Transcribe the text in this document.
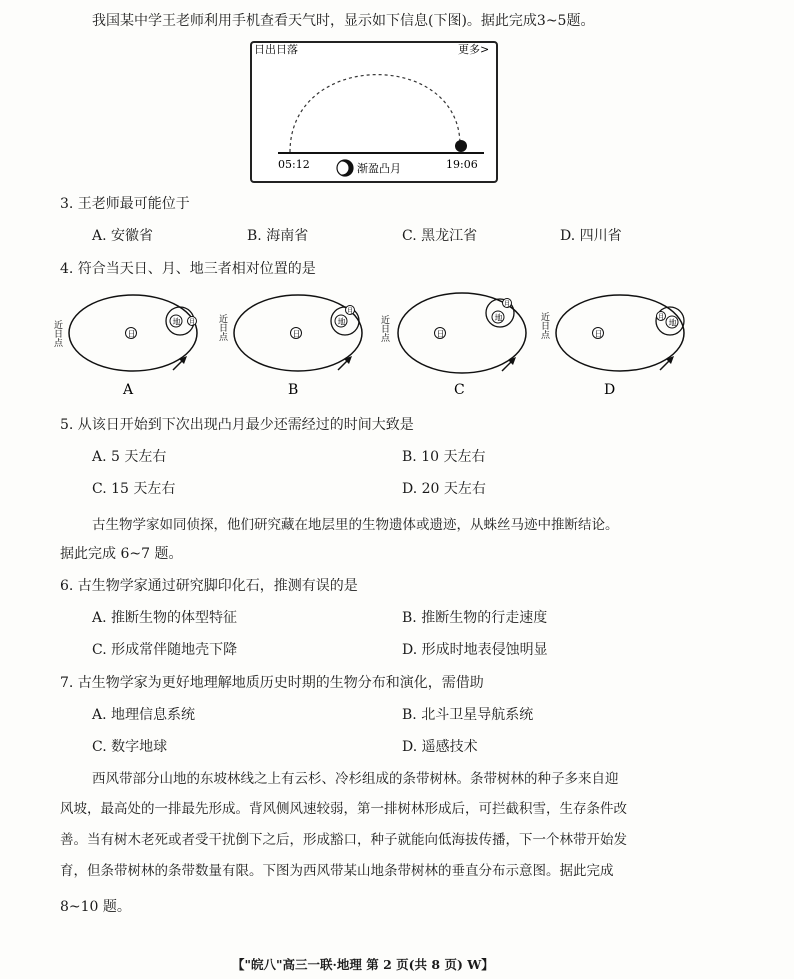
我国某中学王老师利用手机查看天气时，显示如下信息(下图)。据此完成3~5题。
日出日落	更多>
05:12	19:06
渐盈凸月
3. 王老师最可能位于
A. 安徽省	B. 海南省	C. 黑龙江省	D. 四川省
4. 符合当天日、月、地三者相对位置的是
近日点	日
地 月
A
近日点	日
地
月
B
近日点	日
地
月
C
近日点	日
地
月
D
5. 从该日开始到下次出现凸月最少还需经过的时间大致是
A. 5 天左右	B. 10 天左右
C. 15 天左右	D. 20 天左右
古生物学家如同侦探，他们研究藏在地层里的生物遗体或遗迹，从蛛丝马迹中推断结论。
据此完成 6~7 题。
6. 古生物学家通过研究脚印化石，推测有误的是
A. 推断生物的体型特征	B. 推断生物的行走速度
C. 形成常伴随地壳下降	D. 形成时地表侵蚀明显
7. 古生物学家为更好地理解地质历史时期的生物分布和演化，需借助
A. 地理信息系统	B. 北斗卫星导航系统
C. 数字地球	D. 遥感技术
西风带部分山地的东坡林线之上有云杉、冷杉组成的条带树林。条带树林的种子多来自迎
风坡，最高处的一排最先形成。背风侧风速较弱，第一排树林形成后，可拦截积雪，生存条件改
善。当有树木老死或者受干扰倒下之后，形成豁口，种子就能向低海拔传播，下一个林带开始发
育，但条带树林的条带数量有限。下图为西风带某山地条带树林的垂直分布示意图。据此完成
8~10 题。
【"皖八"高三一联·地理 第 2 页(共 8 页) W】
